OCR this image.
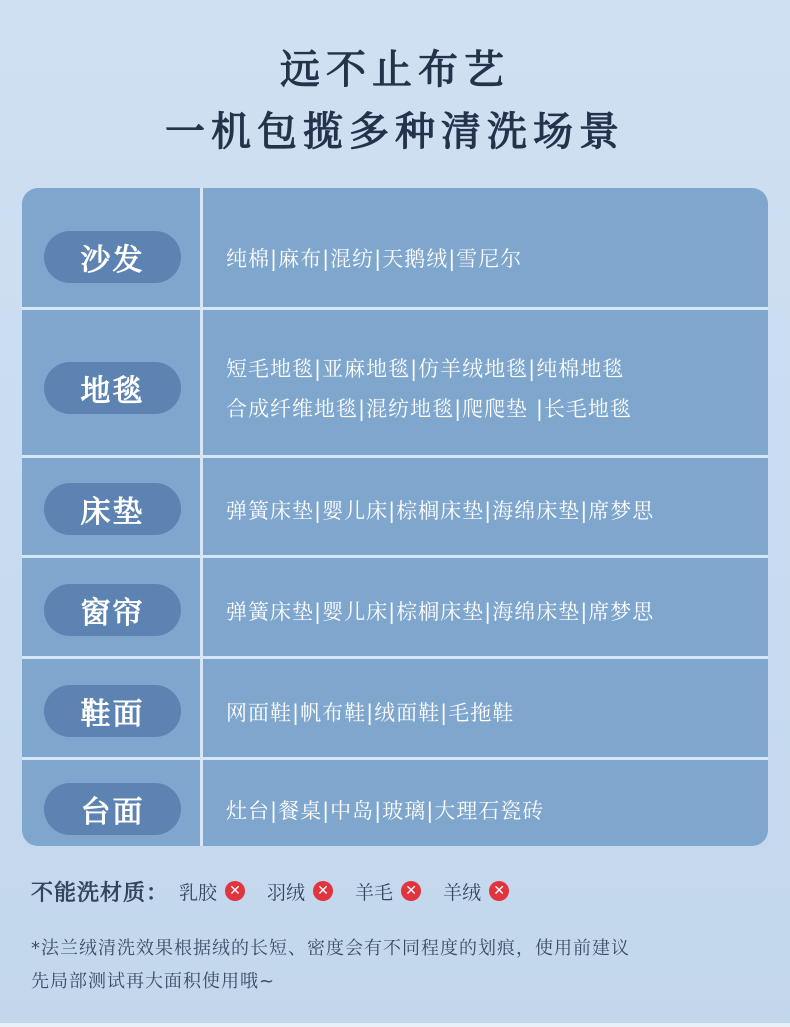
远不止布艺
一机包揽多种清洗场景
沙发	纯棉|麻布|混纺|天鹅绒|雪尼尔
地毯
短毛地毯|亚麻地毯|仿羊绒地毯|纯棉地毯
合成纤维地毯|混纺地毯|爬爬垫 |长毛地毯
床垫	弹簧床垫|婴儿床|棕榈床垫|海绵床垫|席梦思
窗帘	弹簧床垫|婴儿床|棕榈床垫|海绵床垫|席梦思
鞋面	网面鞋|帆布鞋|绒面鞋|毛拖鞋
台面	灶台|餐桌|中岛|玻璃|大理石瓷砖
不能洗材质： 乳胶 ✕ 羽绒 ✕ 羊毛 ✕ 羊绒 ✕
*法兰绒清洗效果根据绒的长短、密度会有不同程度的划痕，使用前建议
先局部测试再大面积使用哦~
